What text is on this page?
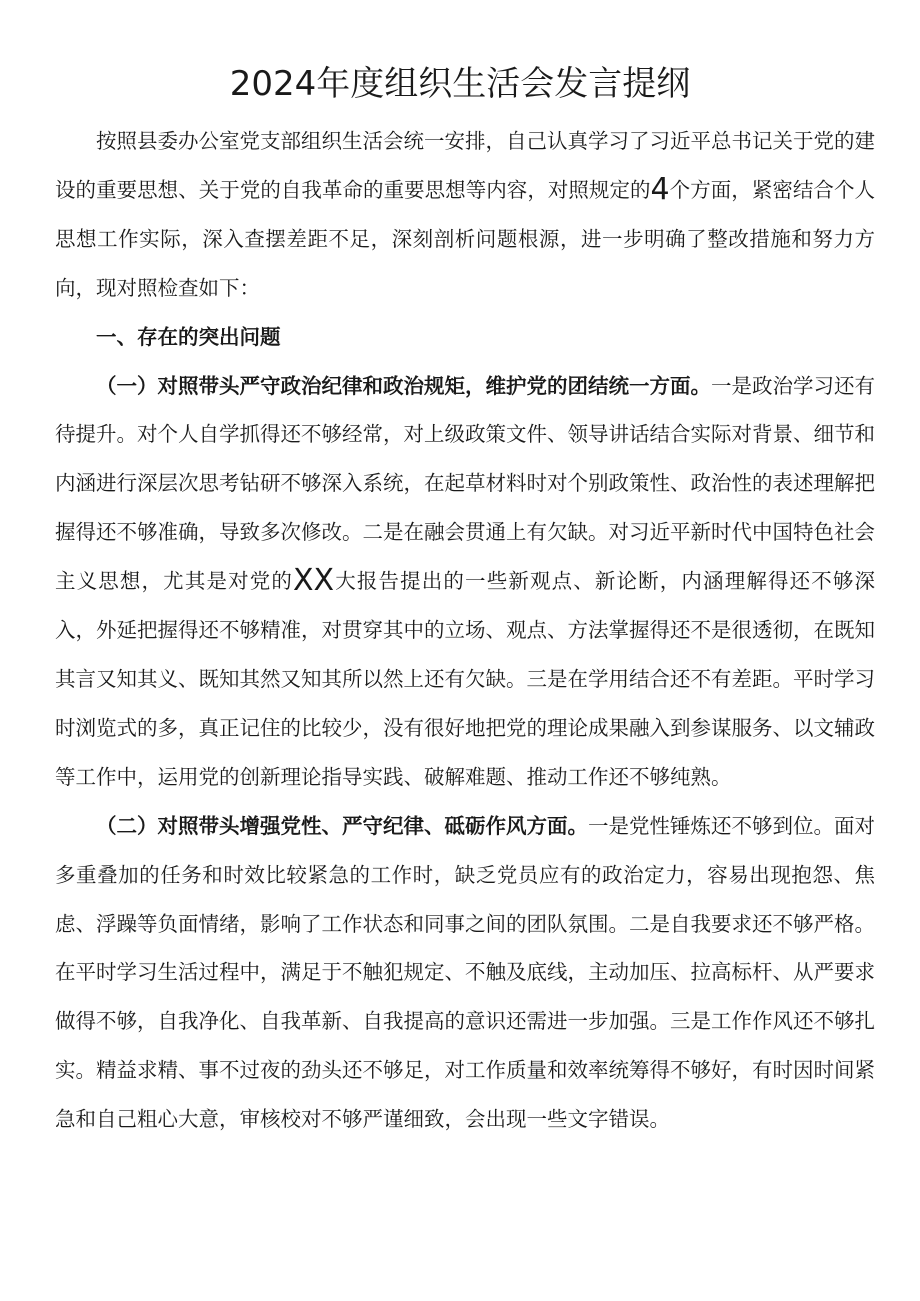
2024年度组织生活会发言提纲

按照县委办公室党支部组织生活会统一安排，自己认真学习了习近平总书记关于党的建设的重要思想、关于党的自我革命的重要思想等内容，对照规定的4个方面，紧密结合个人思想工作实际，深入查摆差距不足，深刻剖析问题根源，进一步明确了整改措施和努力方向，现对照检查如下：

一、存在的突出问题

（一）对照带头严守政治纪律和政治规矩，维护党的团结统一方面。一是政治学习还有待提升。对个人自学抓得还不够经常，对上级政策文件、领导讲话结合实际对背景、细节和内涵进行深层次思考钻研不够深入系统，在起草材料时对个别政策性、政治性的表述理解把握得还不够准确，导致多次修改。二是在融会贯通上有欠缺。对习近平新时代中国特色社会主义思想，尤其是对党的XX大报告提出的一些新观点、新论断，内涵理解得还不够深入，外延把握得还不够精准，对贯穿其中的立场、观点、方法掌握得还不是很透彻，在既知其言又知其义、既知其然又知其所以然上还有欠缺。三是在学用结合还不有差距。平时学习时浏览式的多，真正记住的比较少，没有很好地把党的理论成果融入到参谋服务、以文辅政等工作中，运用党的创新理论指导实践、破解难题、推动工作还不够纯熟。

（二）对照带头增强党性、严守纪律、砥砺作风方面。一是党性锤炼还不够到位。面对多重叠加的任务和时效比较紧急的工作时，缺乏党员应有的政治定力，容易出现抱怨、焦虑、浮躁等负面情绪，影响了工作状态和同事之间的团队氛围。二是自我要求还不够严格。在平时学习生活过程中，满足于不触犯规定、不触及底线，主动加压、拉高标杆、从严要求做得不够，自我净化、自我革新、自我提高的意识还需进一步加强。三是工作作风还不够扎实。精益求精、事不过夜的劲头还不够足，对工作质量和效率统筹得不够好，有时因时间紧急和自己粗心大意，审核校对不够严谨细致，会出现一些文字错误。
